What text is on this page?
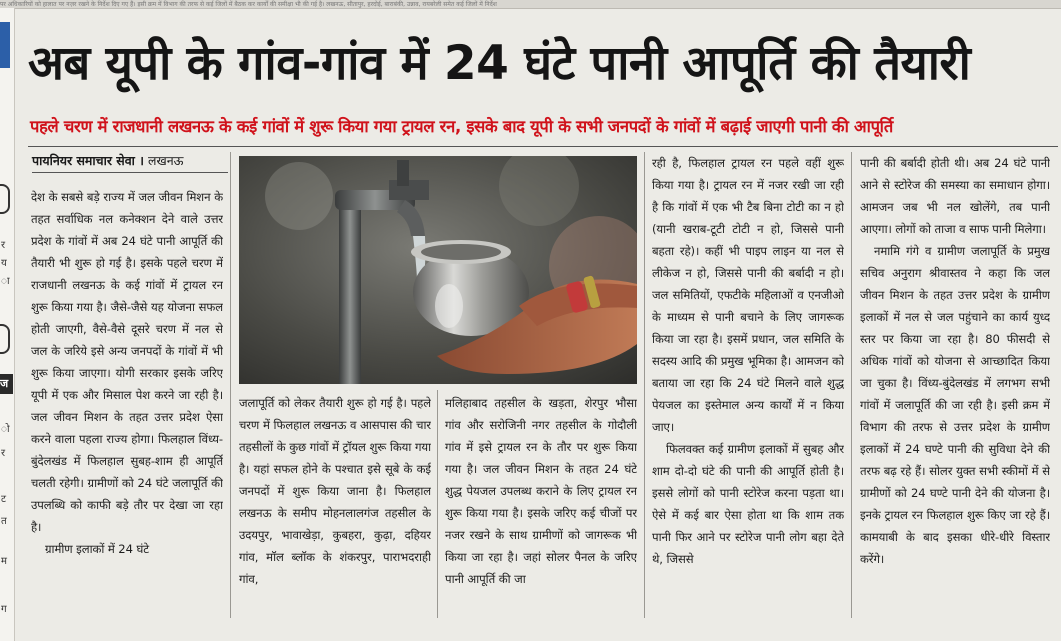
पर अधिकारियों को हालात पर नज़र रखने के निर्देश दिए गए हैं। इसी क्रम में विभाग की तरफ से कई जिलों में बैठक कर कार्यों की समीक्षा भी की गई है। लखनऊ, सीतापुर, हरदोई, बाराबंकी, उन्नाव, रायबरेली समेत कई जिलों में निर्देश
र
य
ा
ज
ो
र
ट
त
म
ग
अब यूपी के गांव-गांव में 24 घंटे पानी आपूर्ति की तैयारी
पहले चरण में राजधानी लखनऊ के कई गांवों में शुरू किया गया ट्रायल रन, इसके बाद यूपी के सभी जनपदों के गांवों में बढ़ाई जाएगी पानी की आपूर्ति
पायनियर समाचार सेवा । लखनऊ

देश के सबसे बड़े राज्य में जल जीवन मिशन के तहत सर्वाधिक नल कनेक्शन देने वाले उत्तर प्रदेश के गांवों में अब 24 घंटे पानी आपूर्ति की तैयारी भी शुरू हो गई है। इसके पहले चरण में राजधानी लखनऊ के कई गांवों में ट्रायल रन शुरू किया गया है। जैसे-जैसे यह योजना सफल होती जाएगी, वैसे-वैसे दूसरे चरण में नल से जल के जरिये इसे अन्य जनपदों के गांवों में भी शुरू किया जाएगा। योगी सरकार इसके जरिए यूपी में एक और मिसाल पेश करने जा रही है। जल जीवन मिशन के तहत उत्तर प्रदेश ऐसा करने वाला पहला राज्य होगा। फिलहाल विंध्य-बुंदेलखंड में फिलहाल सुबह-शाम ही आपूर्ति चलती रहेगी। ग्रामीणों को 24 घंटे जलापूर्ति की उपलब्धि को काफी बड़े तौर पर देखा जा रहा है।

ग्रामीण इलाकों में 24 घंटे

जलापूर्ति को लेकर तैयारी शुरू हो गई है। पहले चरण में फिलहाल लखनऊ व आसपास की चार तहसीलों के कुछ गांवों में ट्रॉयल शुरू किया गया है। यहां सफल होने के पश्चात इसे सूबे के कई जनपदों में शुरू किया जाना है। फिलहाल लखनऊ के समीप मोहनलालगंज तहसील के उदयपुर, भावाखेड़ा, कुबहरा, कुढ़ा, दहियर गांव, मॉल ब्लॉक के शंकरपुर, पाराभदराही गांव,

मलिहाबाद तहसील के खड़ता, शेरपुर भौसा गांव और सरोजिनी नगर तहसील के गोदौली गांव में इसे ट्रायल रन के तौर पर शुरू किया गया है। जल जीवन मिशन के तहत 24 घंटे शुद्ध पेयजल उपलब्ध कराने के लिए ट्रायल रन शुरू किया गया है। इसके जरिए कई चीजों पर नजर रखने के साथ ग्रामीणों को जागरूक भी किया जा रहा है। जहां सोलर पैनल के जरिए पानी आपूर्ति की जा

रही है, फिलहाल ट्रायल रन पहले वहीं शुरू किया गया है। ट्रायल रन में नजर रखी जा रही है कि गांवों में एक भी टैब बिना टोटी का न हो (यानी खराब-टूटी टोटी न हो, जिससे पानी बहता रहे)। कहीं भी पाइप लाइन या नल से लीकेज न हो, जिससे पानी की बर्बादी न हो। जल समितियों, एफटीके महिलाओं व एनजीओ के माध्यम से पानी बचाने के लिए जागरूक किया जा रहा है। इसमें प्रधान, जल समिति के सदस्य आदि की प्रमुख भूमिका है। आमजन को बताया जा रहा कि 24 घंटे मिलने वाले शुद्ध पेयजल का इस्तेमाल अन्य कार्यों में न किया जाए।

फिलवक्त कई ग्रामीण इलाकों में सुबह और शाम दो-दो घंटे की पानी की आपूर्ति होती है। इससे लोगों को पानी स्टोरेज करना पड़ता था। ऐसे में कई बार ऐसा होता था कि शाम तक पानी फिर आने पर स्टोरेज पानी लोग बहा देते थे, जिससे

पानी की बर्बादी होती थी। अब 24 घंटे पानी आने से स्टोरेज की समस्या का समाधान होगा। आमजन जब भी नल खोलेंगे, तब पानी आएगा। लोगों को ताजा व साफ पानी मिलेगा।

नमामि गंगे व ग्रामीण जलापूर्ति के प्रमुख सचिव अनुराग श्रीवास्तव ने कहा कि जल जीवन मिशन के तहत उत्तर प्रदेश के ग्रामीण इलाकों में नल से जल पहुंचाने का कार्य युध्द स्तर पर किया जा रहा है। 80 फीसदी से अधिक गांवों को योजना से आच्छादित किया जा चुका है। विंध्य-बुंदेलखंड में लगभग सभी गांवों में जलापूर्ति की जा रही है। इसी क्रम में विभाग की तरफ से उत्तर प्रदेश के ग्रामीण इलाकों में 24 घण्टे पानी की सुविधा देने की तरफ बढ़ रहे हैं। सोलर युक्त सभी स्कीमों में से ग्रामीणों को 24 घण्टे पानी देने की योजना है। इनके ट्रायल रन फिलहाल शुरू किए जा रहे हैं। कामयाबी के बाद इसका धीरे-धीरे विस्तार करेंगे।
